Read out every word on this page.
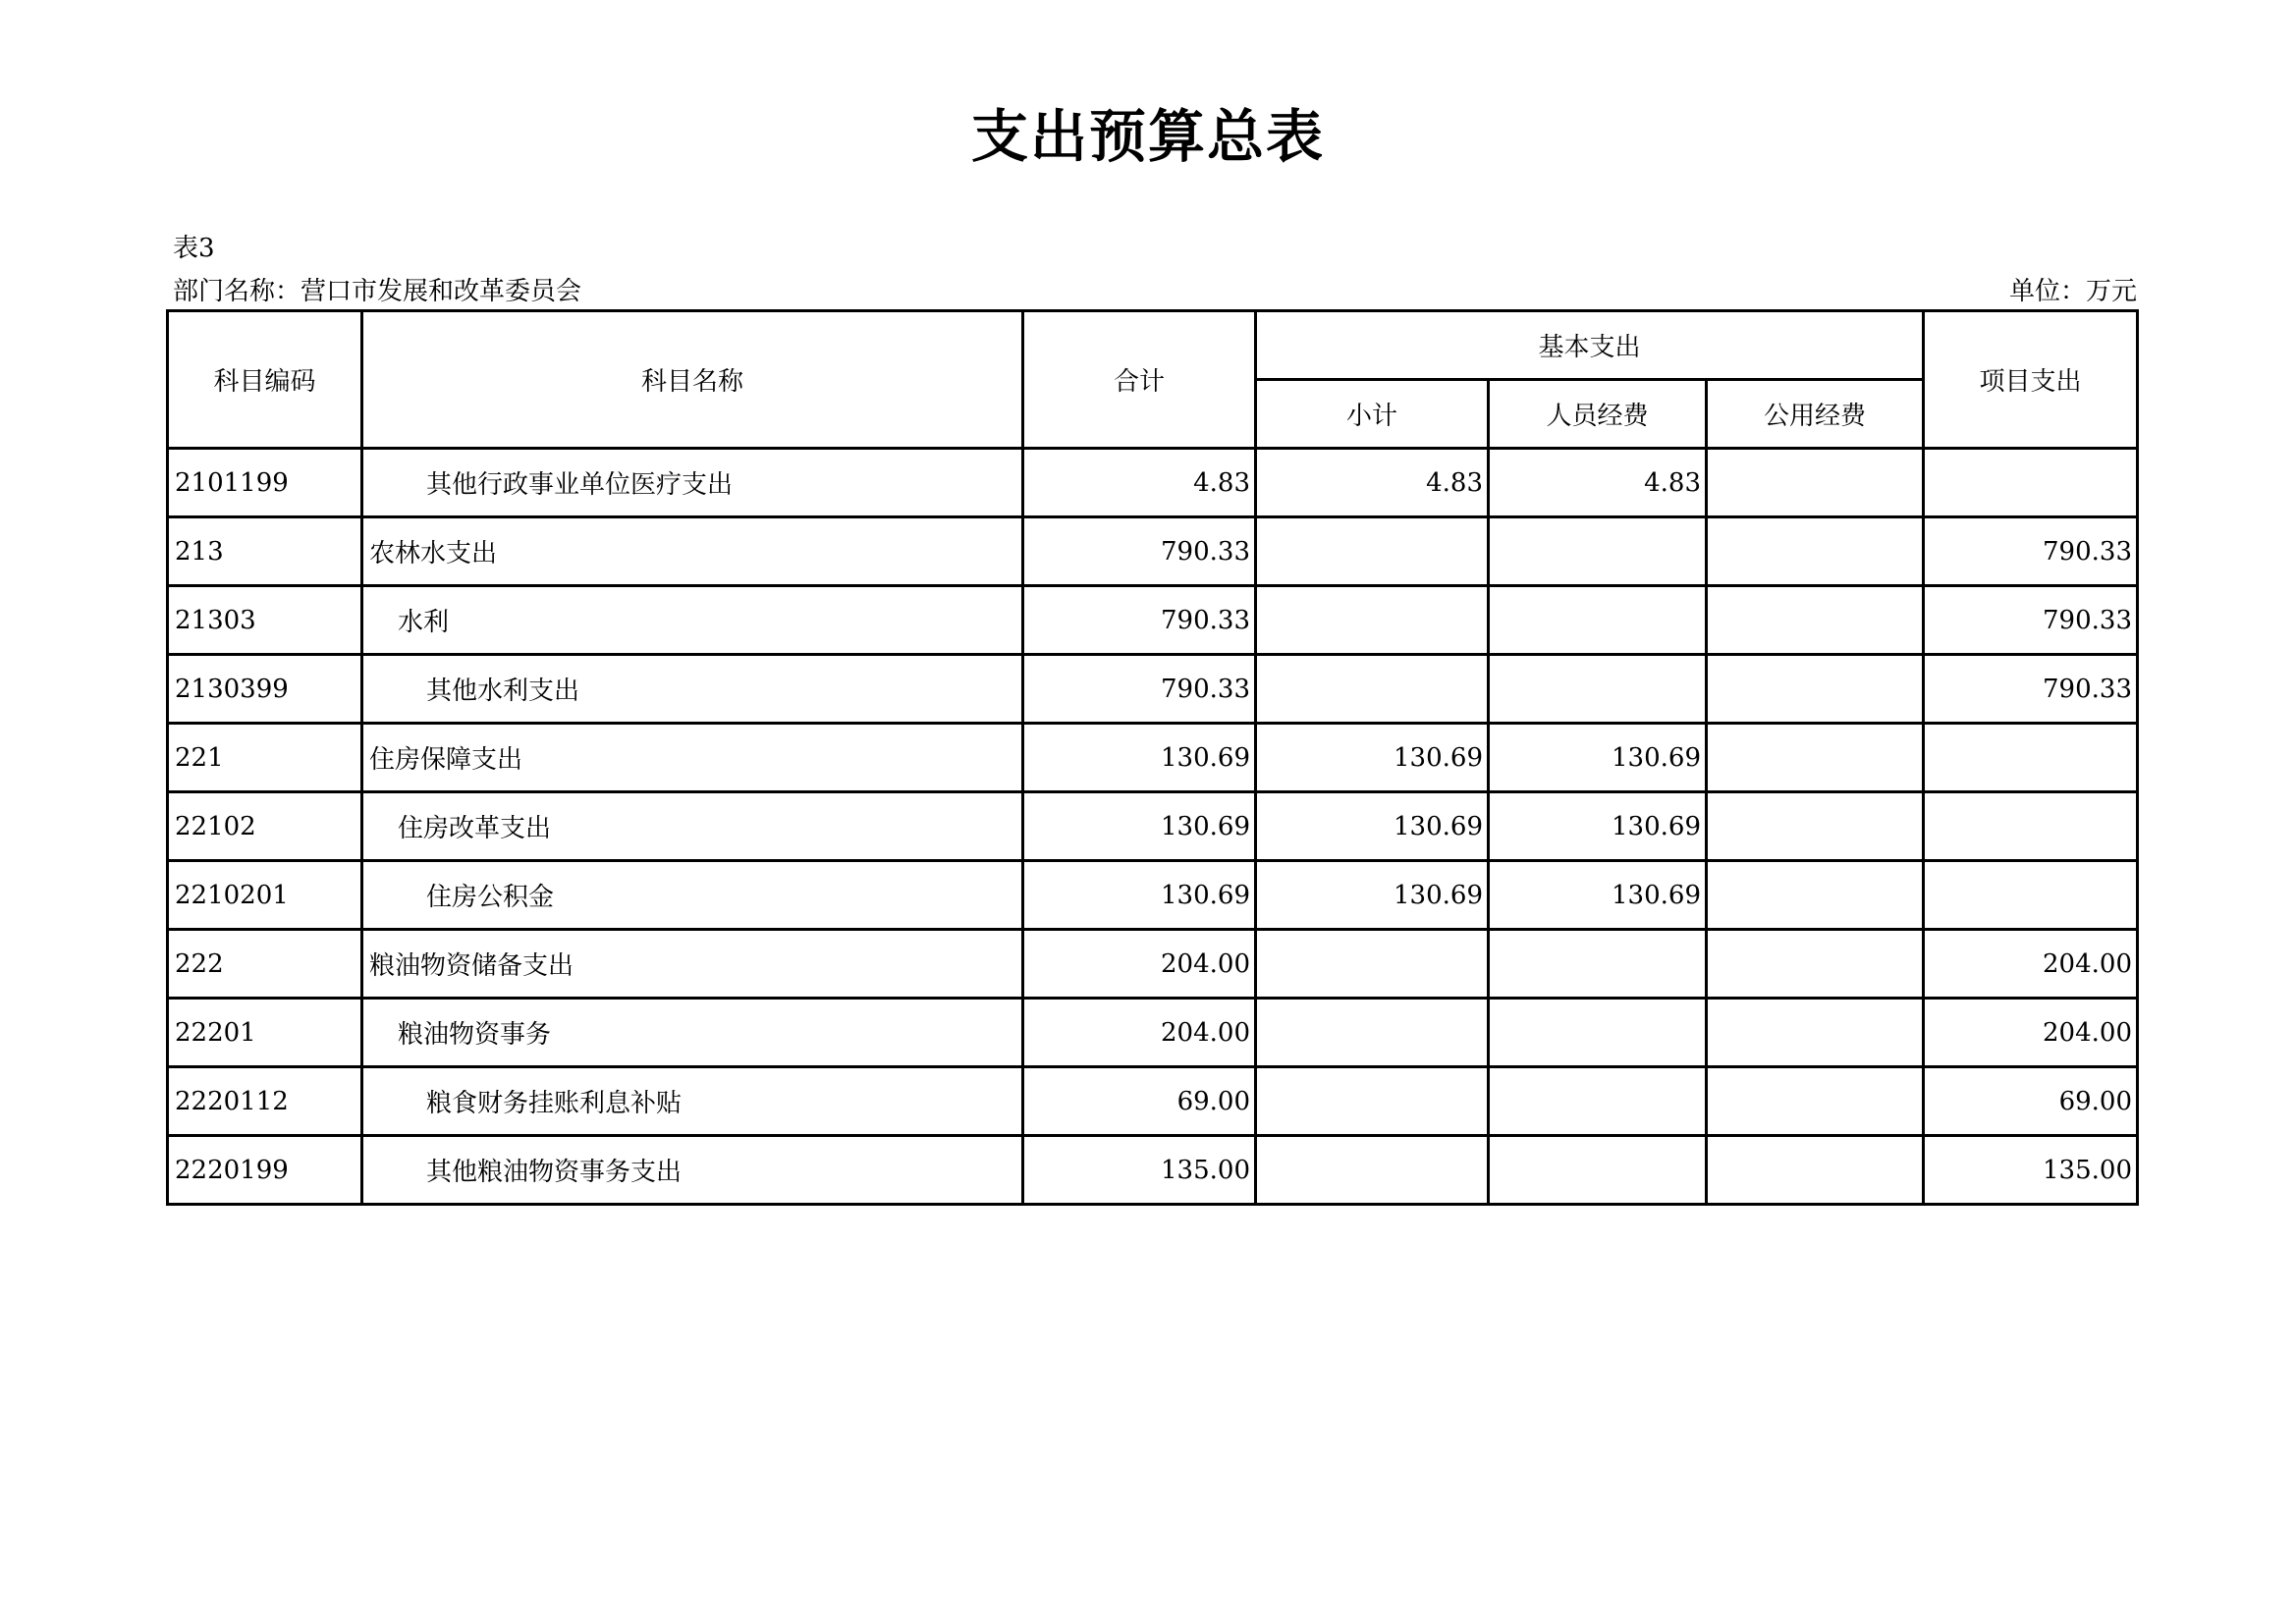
支出预算总表
表3
部门名称：营口市发展和改革委员会	单位：万元
科目编码	科目名称	合计	基本支出			项目支出
			小计	人员经费	公用经费	
2101199	其他行政事业单位医疗支出	4.83	4.83	4.83		
213	农林水支出	790.33				790.33
21303	水利	790.33				790.33
2130399	其他水利支出	790.33				790.33
221	住房保障支出	130.69	130.69	130.69		
22102	住房改革支出	130.69	130.69	130.69		
2210201	住房公积金	130.69	130.69	130.69		
222	粮油物资储备支出	204.00				204.00
22201	粮油物资事务	204.00				204.00
2220112	粮食财务挂账利息补贴	69.00				69.00
2220199	其他粮油物资事务支出	135.00				135.00
